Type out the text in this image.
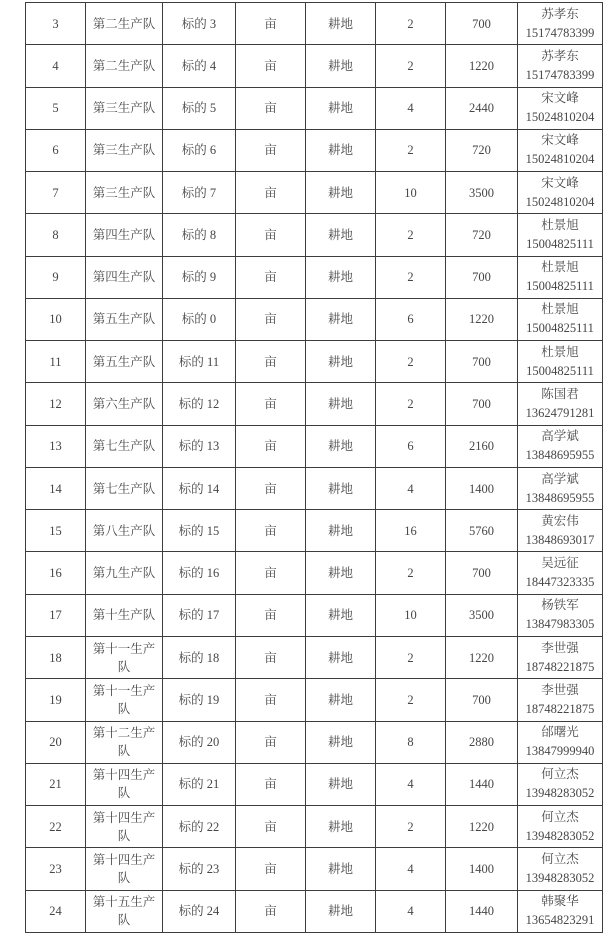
3	第二生产队	标的 3	亩	耕地	2	700	苏孝东
15174783399

4	第二生产队	标的 4	亩	耕地	2	1220	苏孝东
15174783399

5	第三生产队	标的 5	亩	耕地	4	2440	宋文峰
15024810204

6	第三生产队	标的 6	亩	耕地	2	720	宋文峰
15024810204

7	第三生产队	标的 7	亩	耕地	10	3500	宋文峰
15024810204

8	第四生产队	标的 8	亩	耕地	2	720	杜景旭
15004825111

9	第四生产队	标的 9	亩	耕地	2	700	杜景旭
15004825111

10	第五生产队	标的 0	亩	耕地	6	1220	杜景旭
15004825111

11	第五生产队	标的 11	亩	耕地	2	700	杜景旭
15004825111

12	第六生产队	标的 12	亩	耕地	2	700	陈国君
13624791281

13	第七生产队	标的 13	亩	耕地	6	2160	高学斌
13848695955

14	第七生产队	标的 14	亩	耕地	4	1400	高学斌
13848695955

15	第八生产队	标的 15	亩	耕地	16	5760	黄宏伟
13848693017

16	第九生产队	标的 16	亩	耕地	2	700	吴远征
18447323335

17	第十生产队	标的 17	亩	耕地	10	3500	杨铁军
13847983305

18	第十一生产队	标的 18	亩	耕地	2	1220	李世强
18748221875

19	第十一生产队	标的 19	亩	耕地	2	700	李世强
18748221875

20	第十二生产队	标的 20	亩	耕地	8	2880	邰曙光
13847999940

21	第十四生产队	标的 21	亩	耕地	4	1440	何立杰
13948283052

22	第十四生产队	标的 22	亩	耕地	2	1220	何立杰
13948283052

23	第十四生产队	标的 23	亩	耕地	4	1400	何立杰
13948283052

24	第十五生产队	标的 24	亩	耕地	4	1440	韩聚华
13654823291
